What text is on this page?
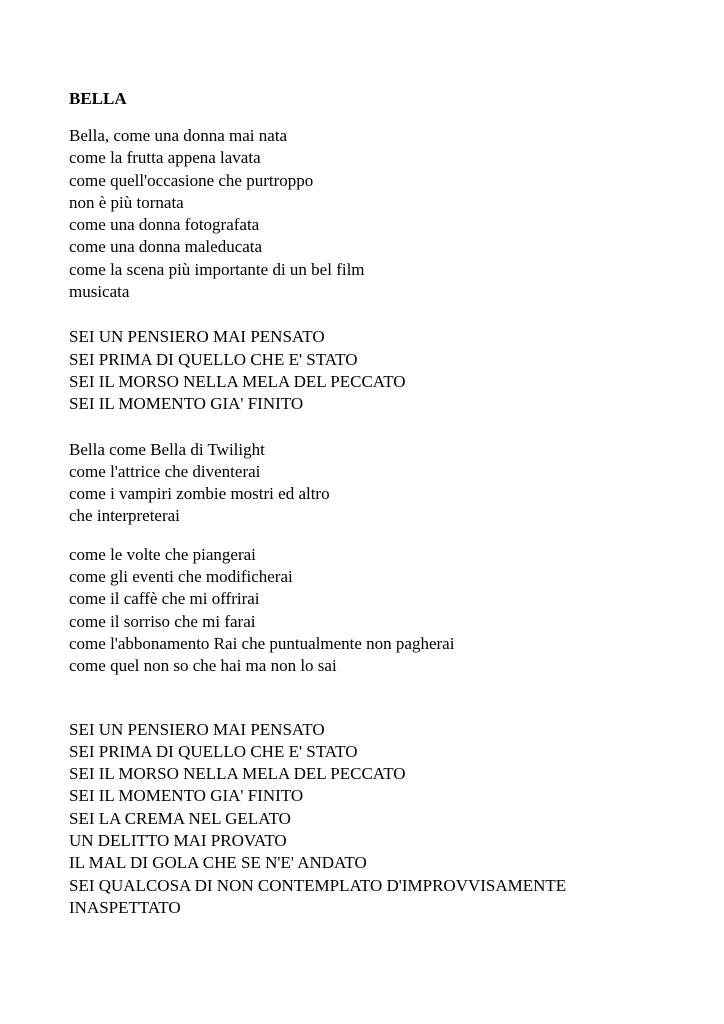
BELLA
Bella, come una donna mai nata
come la frutta appena lavata
come quell'occasione che purtroppo
non è più tornata
come una donna fotografata
come una donna maleducata
come la scena più importante di un bel film
musicata
SEI UN PENSIERO MAI PENSATO
SEI PRIMA DI QUELLO CHE E' STATO
SEI IL MORSO NELLA MELA DEL PECCATO
SEI IL MOMENTO GIA' FINITO
Bella come Bella di Twilight
come l'attrice che diventerai
come i vampiri zombie mostri ed altro
che interpreterai
come le volte che piangerai
come gli eventi che modificherai
come il caffè che mi offrirai
come il sorriso che mi farai
come l'abbonamento Rai che puntualmente non pagherai
come quel non so che hai ma non lo sai
SEI UN PENSIERO MAI PENSATO
SEI PRIMA DI QUELLO CHE E' STATO
SEI IL MORSO NELLA MELA DEL PECCATO
SEI IL MOMENTO GIA' FINITO
SEI LA CREMA NEL GELATO
UN DELITTO MAI PROVATO
IL MAL DI GOLA CHE SE N'E' ANDATO
SEI QUALCOSA DI NON CONTEMPLATO D'IMPROVVISAMENTE
INASPETTATO
